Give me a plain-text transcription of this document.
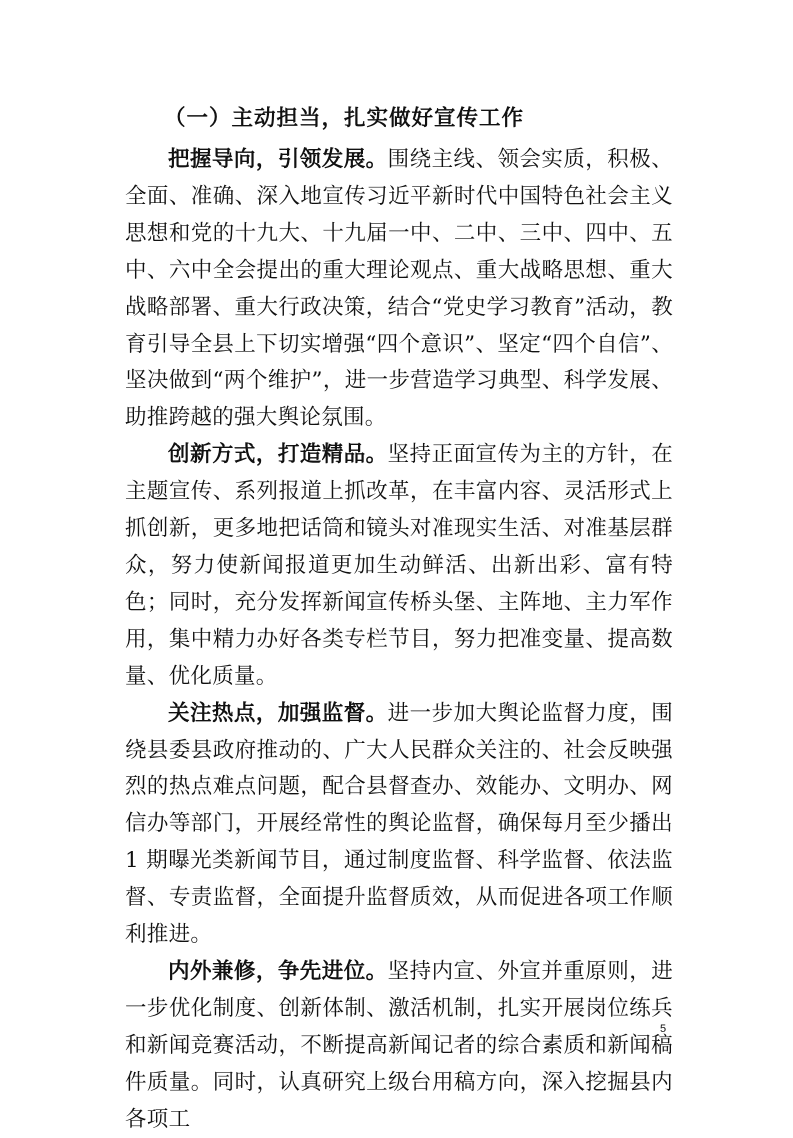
（一）主动担当，扎实做好宣传工作

把握导向，引领发展。围绕主线、领会实质，积极、全面、准确、深入地宣传习近平新时代中国特色社会主义思想和党的十九大、十九届一中、二中、三中、四中、五中、六中全会提出的重大理论观点、重大战略思想、重大战略部署、重大行政决策，结合“党史学习教育”活动，教育引导全县上下切实增强“四个意识”、坚定“四个自信”、坚决做到“两个维护”，进一步营造学习典型、科学发展、助推跨越的强大舆论氛围。

创新方式，打造精品。坚持正面宣传为主的方针，在主题宣传、系列报道上抓改革，在丰富内容、灵活形式上抓创新，更多地把话筒和镜头对准现实生活、对准基层群众，努力使新闻报道更加生动鲜活、出新出彩、富有特色；同时，充分发挥新闻宣传桥头堡、主阵地、主力军作用，集中精力办好各类专栏节目，努力把准变量、提高数量、优化质量。

关注热点，加强监督。进一步加大舆论监督力度，围绕县委县政府推动的、广大人民群众关注的、社会反映强烈的热点难点问题，配合县督查办、效能办、文明办、网信办等部门，开展经常性的舆论监督，确保每月至少播出 1 期曝光类新闻节目，通过制度监督、科学监督、依法监督、专责监督，全面提升监督质效，从而促进各项工作顺利推进。

内外兼修，争先进位。坚持内宣、外宣并重原则，进一步优化制度、创新体制、激活机制，扎实开展岗位练兵和新闻竞赛活动，不断提高新闻记者的综合素质和新闻稿件质量。同时，认真研究上级台用稿方向，深入挖掘县内各项工

5
